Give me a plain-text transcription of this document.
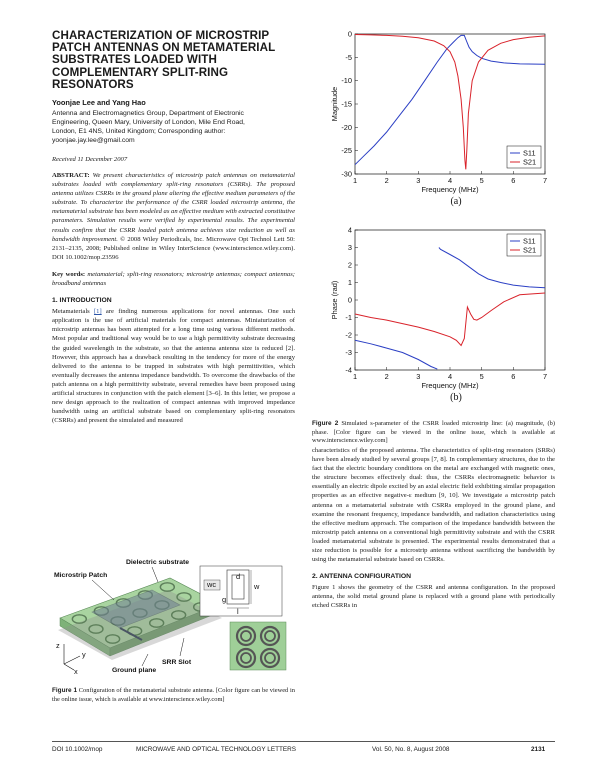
CHARACTERIZATION OF MICROSTRIP PATCH ANTENNAS ON METAMATERIAL SUBSTRATES LOADED WITH COMPLEMENTARY SPLIT-RING RESONATORS
Yoonjae Lee and Yang Hao
Antenna and Electromagnetics Group, Department of Electronic
Engineering, Queen Mary, University of London, Mile End Road,
London, E1 4NS, United Kingdom; Corresponding author:
yoonjae.jay.lee@gmail.com
Received 11 December 2007
ABSTRACT: We present characteristics of microstrip patch antennas on metamaterial substrates loaded with complementary split-ring resonators (CSRRs). The proposed antenna utilizes CSRRs in the ground plane altering the effective medium parameters of the substrate. To characterize the performance of the CSRR loaded microstrip antenna, the metamaterial substrate has been modeled as an effective medium with extracted constitutive parameters. Simulation results were verified by experimental results. The experimental results confirm that the CSRR loaded patch antenna achieves size reduction as well as bandwidth improvement. © 2008 Wiley Periodicals, Inc. Microwave Opt Technol Lett 50: 2131–2135, 2008; Published online in Wiley InterScience (www.interscience.wiley.com). DOI 10.1002/mop.23596
Key words: metamaterial; split-ring resonators; microstrip antennas; compact antennas; broadband antennas
1. INTRODUCTION
Metamaterials [1] are finding numerous applications for novel antennas. One such application is the use of artificial materials for compact antennas. Miniaturization of microstrip antennas has been attempted for a long time using various different methods. Most popular and traditional way would be to use a high permittivity substrate decreasing the guided wavelength in the substrate, so that the antenna antenna size is reduced [2]. However, this approach has a drawback resulting in the tendency for more of the energy delivered to the antenna to be trapped in substrates with high permittivities, which eventually decreases the antenna impedance bandwidth. To overcome the drawbacks of the patch antenna on a high permittivity substrate, several remedies have been proposed using artificial structures in conjunction with the patch element [3–6]. In this letter, we propose a new design approach to the realization of compact antennas with improved impedance bandwidth using an artificial substrate based on complementary split-ring resonators (CSRRs) and present the simulated and measured
Dielectric substrate
Microstrip Patch
SRR Slot
Ground plane
z
y
x
l
w
wc
d
g
Figure 1 Configuration of the metamaterial substrate antenna. [Color figure can be viewed in the online issue, which is available at www.interscience.wiley.com]
1	2	3	4	5	6	7
0
-5
-10
-15
-20
-25
-30
Frequency (MHz)
Magnitude
S11
S21
(a)
1	2	3	4	5	6	7
4
3
2
1
0
-1
-2
-3
-4
Frequency (MHz)
Phase (rad)
S11
S21
(b)
Figure 2 Simulated s-parameter of the CSRR loaded microstrip line: (a) magnitude, (b) phase. [Color figure can be viewed in the online issue, which is available at www.interscience.wiley.com]
characteristics of the proposed antenna. The characteristics of split-ring resonators (SRRs) have been already studied by several groups [7, 8]. In complementary structures, due to the fact that the electric boundary conditions on the metal are exchanged with magnetic ones, the structure becomes effectively dual: thus, the CSRRs electromagnetic behavior is essentially an electric dipole excited by an axial electric field exhibiting similar propagation properties as an effective negative-ε medium [9, 10]. We investigate a microstrip patch antenna on a metamaterial substrate with CSRRs employed in the ground plane, and examine the resonant frequency, impedance bandwidth, and radiation characteristics using the effective medium approach. The comparison of the impedance bandwidth between the microstrip patch antenna on a conventional high permittivity substrate and with the CSRR loaded metamaterial substrate is presented. The experimental results demonstrated that a size reduction is possible for a microstrip antenna without sacrificing the bandwidth by using the metamaterial substrate based on CSRRs.
2. ANTENNA CONFIGURATION
Figure 1 shows the geometry of the CSRR and antenna configuration. In the proposed antenna, the solid metal ground plane is replaced with a ground plane with periodically etched CSRRs in
DOI 10.1002/mop	MICROWAVE AND OPTICAL TECHNOLOGY LETTERS	Vol. 50, No. 8, August 2008	2131
